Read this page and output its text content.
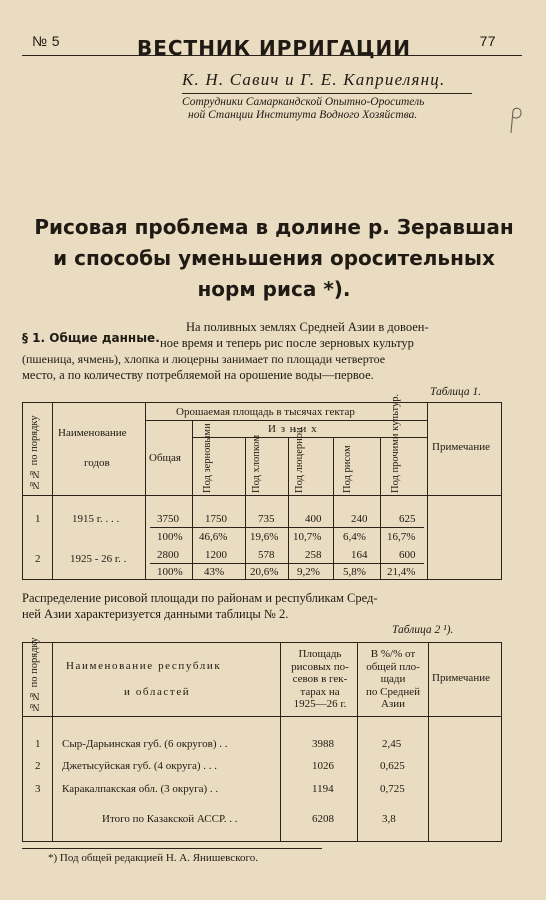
№ 5	ВЕСТНИК ИРРИГАЦИИ	77
К. Н. Савич и Г. Е. Каприелянц.
Сотрудники Самаркандской Опытно-Ороситель
ной Станции Института Водного Хозяйства.
Рисовая проблема в долине р. Зеравшан
и способы уменьшения оросительных
норм риса *).
§ 1. Общие данные.
На поливных землях Средней Азии в довоен-
ное время и теперь рис после зерновых культур
(пшеница, ячмень), хлопка и люцерны занимает по площади четвертое
место, а по количеству потребляемой на орошение воды—первое.
Таблица 1.
№№ по порядку Наименование
годов
Орошаемая площадь в тысячах гектар
Общая
И з н и х
Под зерновыми	Под хлопком	Под люцерной	Под рисом	Под прочими культур.	Примечание
1	1915 г. . . .	3750 1750	735	400	240	625
100% 46,6% 19,6% 10,7% 6,4% 16,7%
2	1925 - 26 г. .	2800 1200	578	258	164	600
100% 43% 20,6% 9,2% 5,8% 21,4%
Распределение рисовой площади по районам и республикам Сред-
ней Азии характеризуется данными таблицы № 2.
Таблица 2 ¹).
№№ по порядку Наименование республик
и областей
Площадь
рисовых по-
севов в гек-
тарах на
1925—26 г.
В %/% от
общей пло-
щади
по Средней
Азии
Примечание
1 Сыр-Дарьинская губ. (6 округов) . .	3988	2,45
2 Джетысуйская губ. (4 округа) . . .	1026	0,625
3 Каракалпакская обл. (3 округа) . .	1194	0,725
Итого по Казакской АССР. . .	6208	3,8
*) Под общей редакцией Н. А. Янишевского.
